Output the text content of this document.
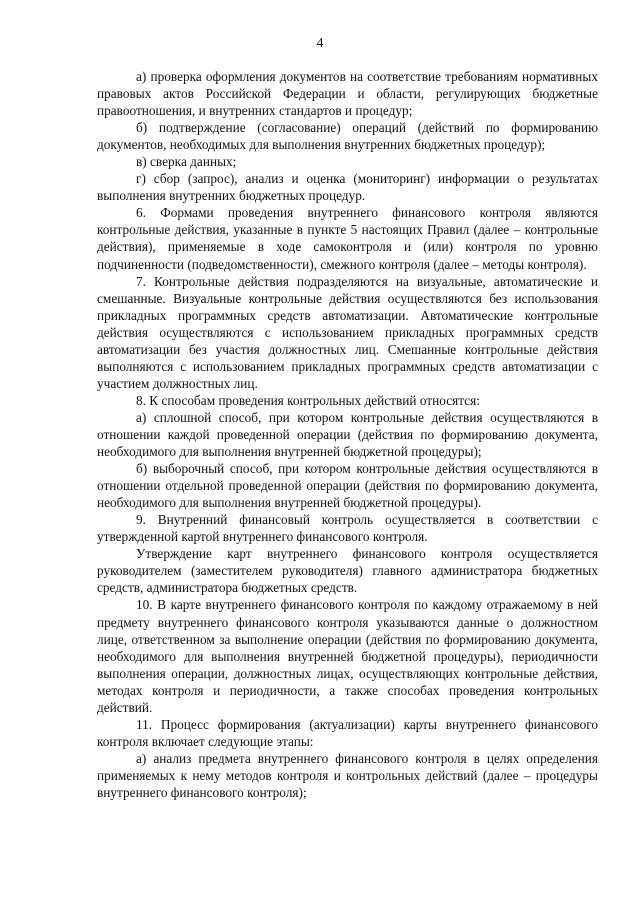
4

а) проверка оформления документов на соответствие требованиям нормативных правовых актов Российской Федерации и области, регулирующих бюджетные правоотношения, и внутренних стандартов и процедур;

б) подтверждение (согласование) операций (действий по формированию документов, необходимых для выполнения внутренних бюджетных процедур);

в) сверка данных;

г) сбор (запрос), анализ и оценка (мониторинг) информации о результатах выполнения внутренних бюджетных процедур.

6. Формами проведения внутреннего финансового контроля являются контрольные действия, указанные в пункте 5 настоящих Правил (далее – контрольные действия), применяемые в ходе самоконтроля и (или) контроля по уровню подчиненности (подведомственности), смежного контроля (далее – методы контроля).

7. Контрольные действия подразделяются на визуальные, автоматические и смешанные. Визуальные контрольные действия осуществляются без использования прикладных программных средств автоматизации. Автоматические контрольные действия осуществляются с использованием прикладных программных средств автоматизации без участия должностных лиц. Смешанные контрольные действия выполняются с использованием прикладных программных средств автоматизации с участием должностных лиц.

8. К способам проведения контрольных действий относятся:

а) сплошной способ, при котором контрольные действия осуществляются в отношении каждой проведенной операции (действия по формированию документа, необходимого для выполнения внутренней бюджетной процедуры);

б) выборочный способ, при котором контрольные действия осуществляются в отношении отдельной проведенной операции (действия по формированию документа, необходимого для выполнения внутренней бюджетной процедуры).

9. Внутренний финансовый контроль осуществляется в соответствии с утвержденной картой внутреннего финансового контроля.

Утверждение карт внутреннего финансового контроля осуществляется руководителем (заместителем руководителя) главного администратора бюджетных средств, администратора бюджетных средств.

10. В карте внутреннего финансового контроля по каждому отражаемому в ней предмету внутреннего финансового контроля указываются данные о должностном лице, ответственном за выполнение операции (действия по формированию документа, необходимого для выполнения внутренней бюджетной процедуры), периодичности выполнения операции, должностных лицах, осуществляющих контрольные действия, методах контроля и периодичности, а также способах проведения контрольных действий.

11. Процесс формирования (актуализации) карты внутреннего финансового контроля включает следующие этапы:

а) анализ предмета внутреннего финансового контроля в целях определения применяемых к нему методов контроля и контрольных действий (далее – процедуры внутреннего финансового контроля);
